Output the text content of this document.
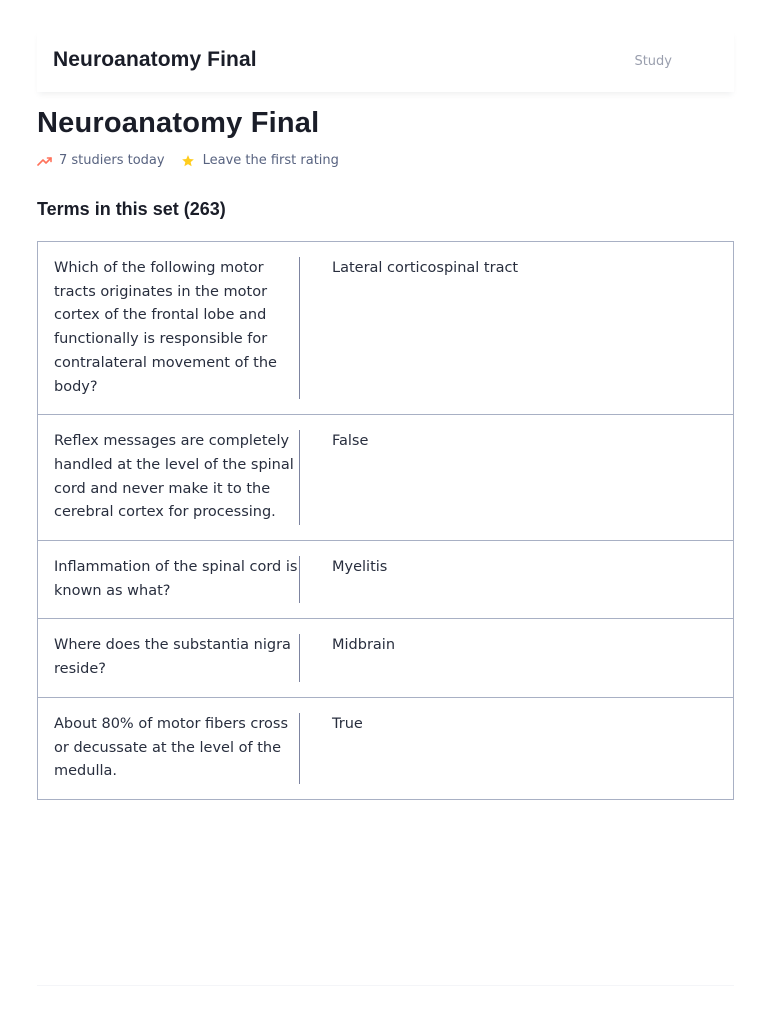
Neuroanatomy Final	Study
Neuroanatomy Final
7 studiers today	Leave the first rating
Terms in this set (263)
Which of the following motor tracts originates in the motor cortex of the frontal lobe and functionally is responsible for contralateral movement of the body?
Lateral corticospinal tract
Reflex messages are completely handled at the level of the spinal cord and never make it to the cerebral cortex for processing.
False
Inflammation of the spinal cord is known as what?
Myelitis
Where does the substantia nigra reside?
Midbrain
About 80% of motor fibers cross or decussate at the level of the medulla.
True
